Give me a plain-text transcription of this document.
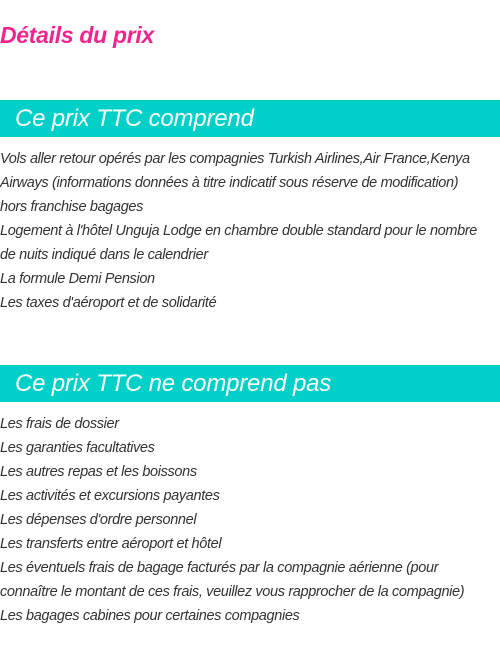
Détails du prix
Ce prix TTC comprend
Vols aller retour opérés par les compagnies Turkish Airlines,Air France,Kenya
Airways (informations données à titre indicatif sous réserve de modification)
hors franchise bagages
Logement à l'hôtel Unguja Lodge en chambre double standard pour le nombre
de nuits indiqué dans le calendrier
La formule Demi Pension
Les taxes d'aéroport et de solidarité
Ce prix TTC ne comprend pas
Les frais de dossier
Les garanties facultatives
Les autres repas et les boissons
Les activités et excursions payantes
Les dépenses d'ordre personnel
Les transferts entre aéroport et hôtel
Les éventuels frais de bagage facturés par la compagnie aérienne (pour
connaître le montant de ces frais, veuillez vous rapprocher de la compagnie)
Les bagages cabines pour certaines compagnies
